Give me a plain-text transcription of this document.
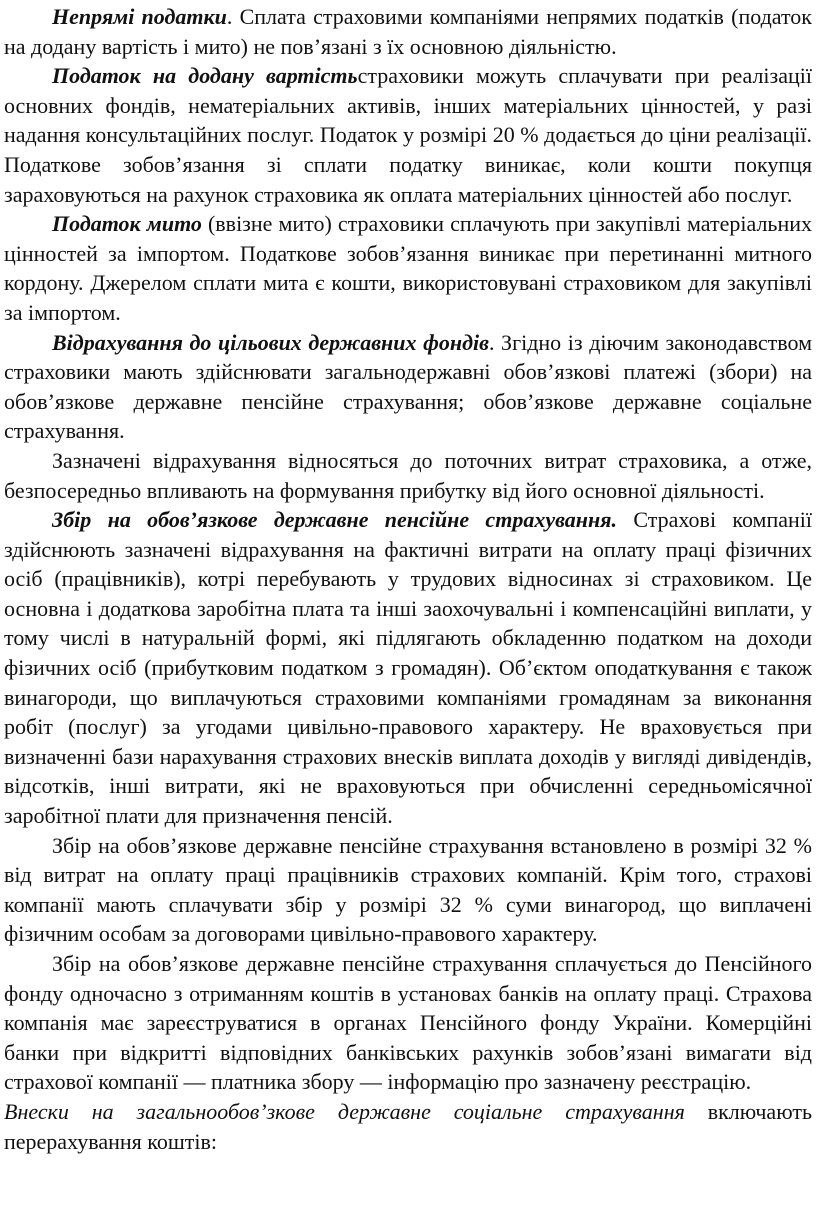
Непрямі податки. Сплата страховими компаніями непрямих податків (податок на додану вартість і мито) не пов’язані з їх основною діяльністю.

Податок на додану вартістьстраховики можуть сплачувати при реалізації основних фондів, нематеріальних активів, інших матеріальних цінностей, у разі надання консультаційних послуг. Податок у розмірі 20 % додається до ціни реалізації. Податкове зобов’язання зі сплати податку виникає, коли кошти покупця зараховуються на рахунок страховика як оплата матеріальних цінностей або послуг.

Податок мито (ввізне мито) страховики сплачують при закупівлі матеріальних цінностей за імпортом. Податкове зобов’язання виникає при перетинанні митного кордону. Джерелом сплати мита є кошти, використовувані страховиком для закупівлі за імпортом.

Відрахування до цільових державних фондів. Згідно із діючим законодавством страховики мають здійснювати загальнодержавні обов’язкові платежі (збори) на обов’язкове державне пенсійне страхування; обов’язкове державне соціальне страхування.

Зазначені відрахування відносяться до поточних витрат страховика, а отже, безпосередньо впливають на формування прибутку від його основної діяльності.

Збір на обов’язкове державне пенсійне страхування. Страхові компанії здійснюють зазначені відрахування на фактичні витрати на оплату праці фізичних осіб (працівників), котрі перебувають у трудових відносинах зі страховиком. Це основна і додаткова заробітна плата та інші заохочувальні і компенсаційні виплати, у тому числі в натуральній формі, які підлягають обкладенню податком на доходи фізичних осіб (прибутковим податком з громадян). Об’єктом оподаткування є також винагороди, що виплачуються страховими компаніями громадянам за виконання робіт (послуг) за угодами цивільно-правового характеру. Не враховується при визначенні бази нарахування страхових внесків виплата доходів у вигляді дивідендів, відсотків, інші витрати, які не враховуються при обчисленні середньомісячної заробітної плати для призначення пенсій.

Збір на обов’язкове державне пенсійне страхування встановлено в розмірі 32 % від витрат на оплату праці працівників страхових компаній. Крім того, страхові компанії мають сплачувати збір у розмірі 32 % суми винагород, що виплачені фізичним особам за договорами цивільно-правового характеру.

Збір на обов’язкове державне пенсійне страхування сплачується до Пенсійного фонду одночасно з отриманням коштів в установах банків на оплату праці. Страхова компанія має зареєструватися в органах Пенсійного фонду України. Комерційні банки при відкритті відповідних банківських рахунків зобов’язані вимагати від страхової компанії — платника збору — інформацію про зазначену реєстрацію.

Внески на загальнообов’зкове державне соціальне страхування включають перерахування коштів:
